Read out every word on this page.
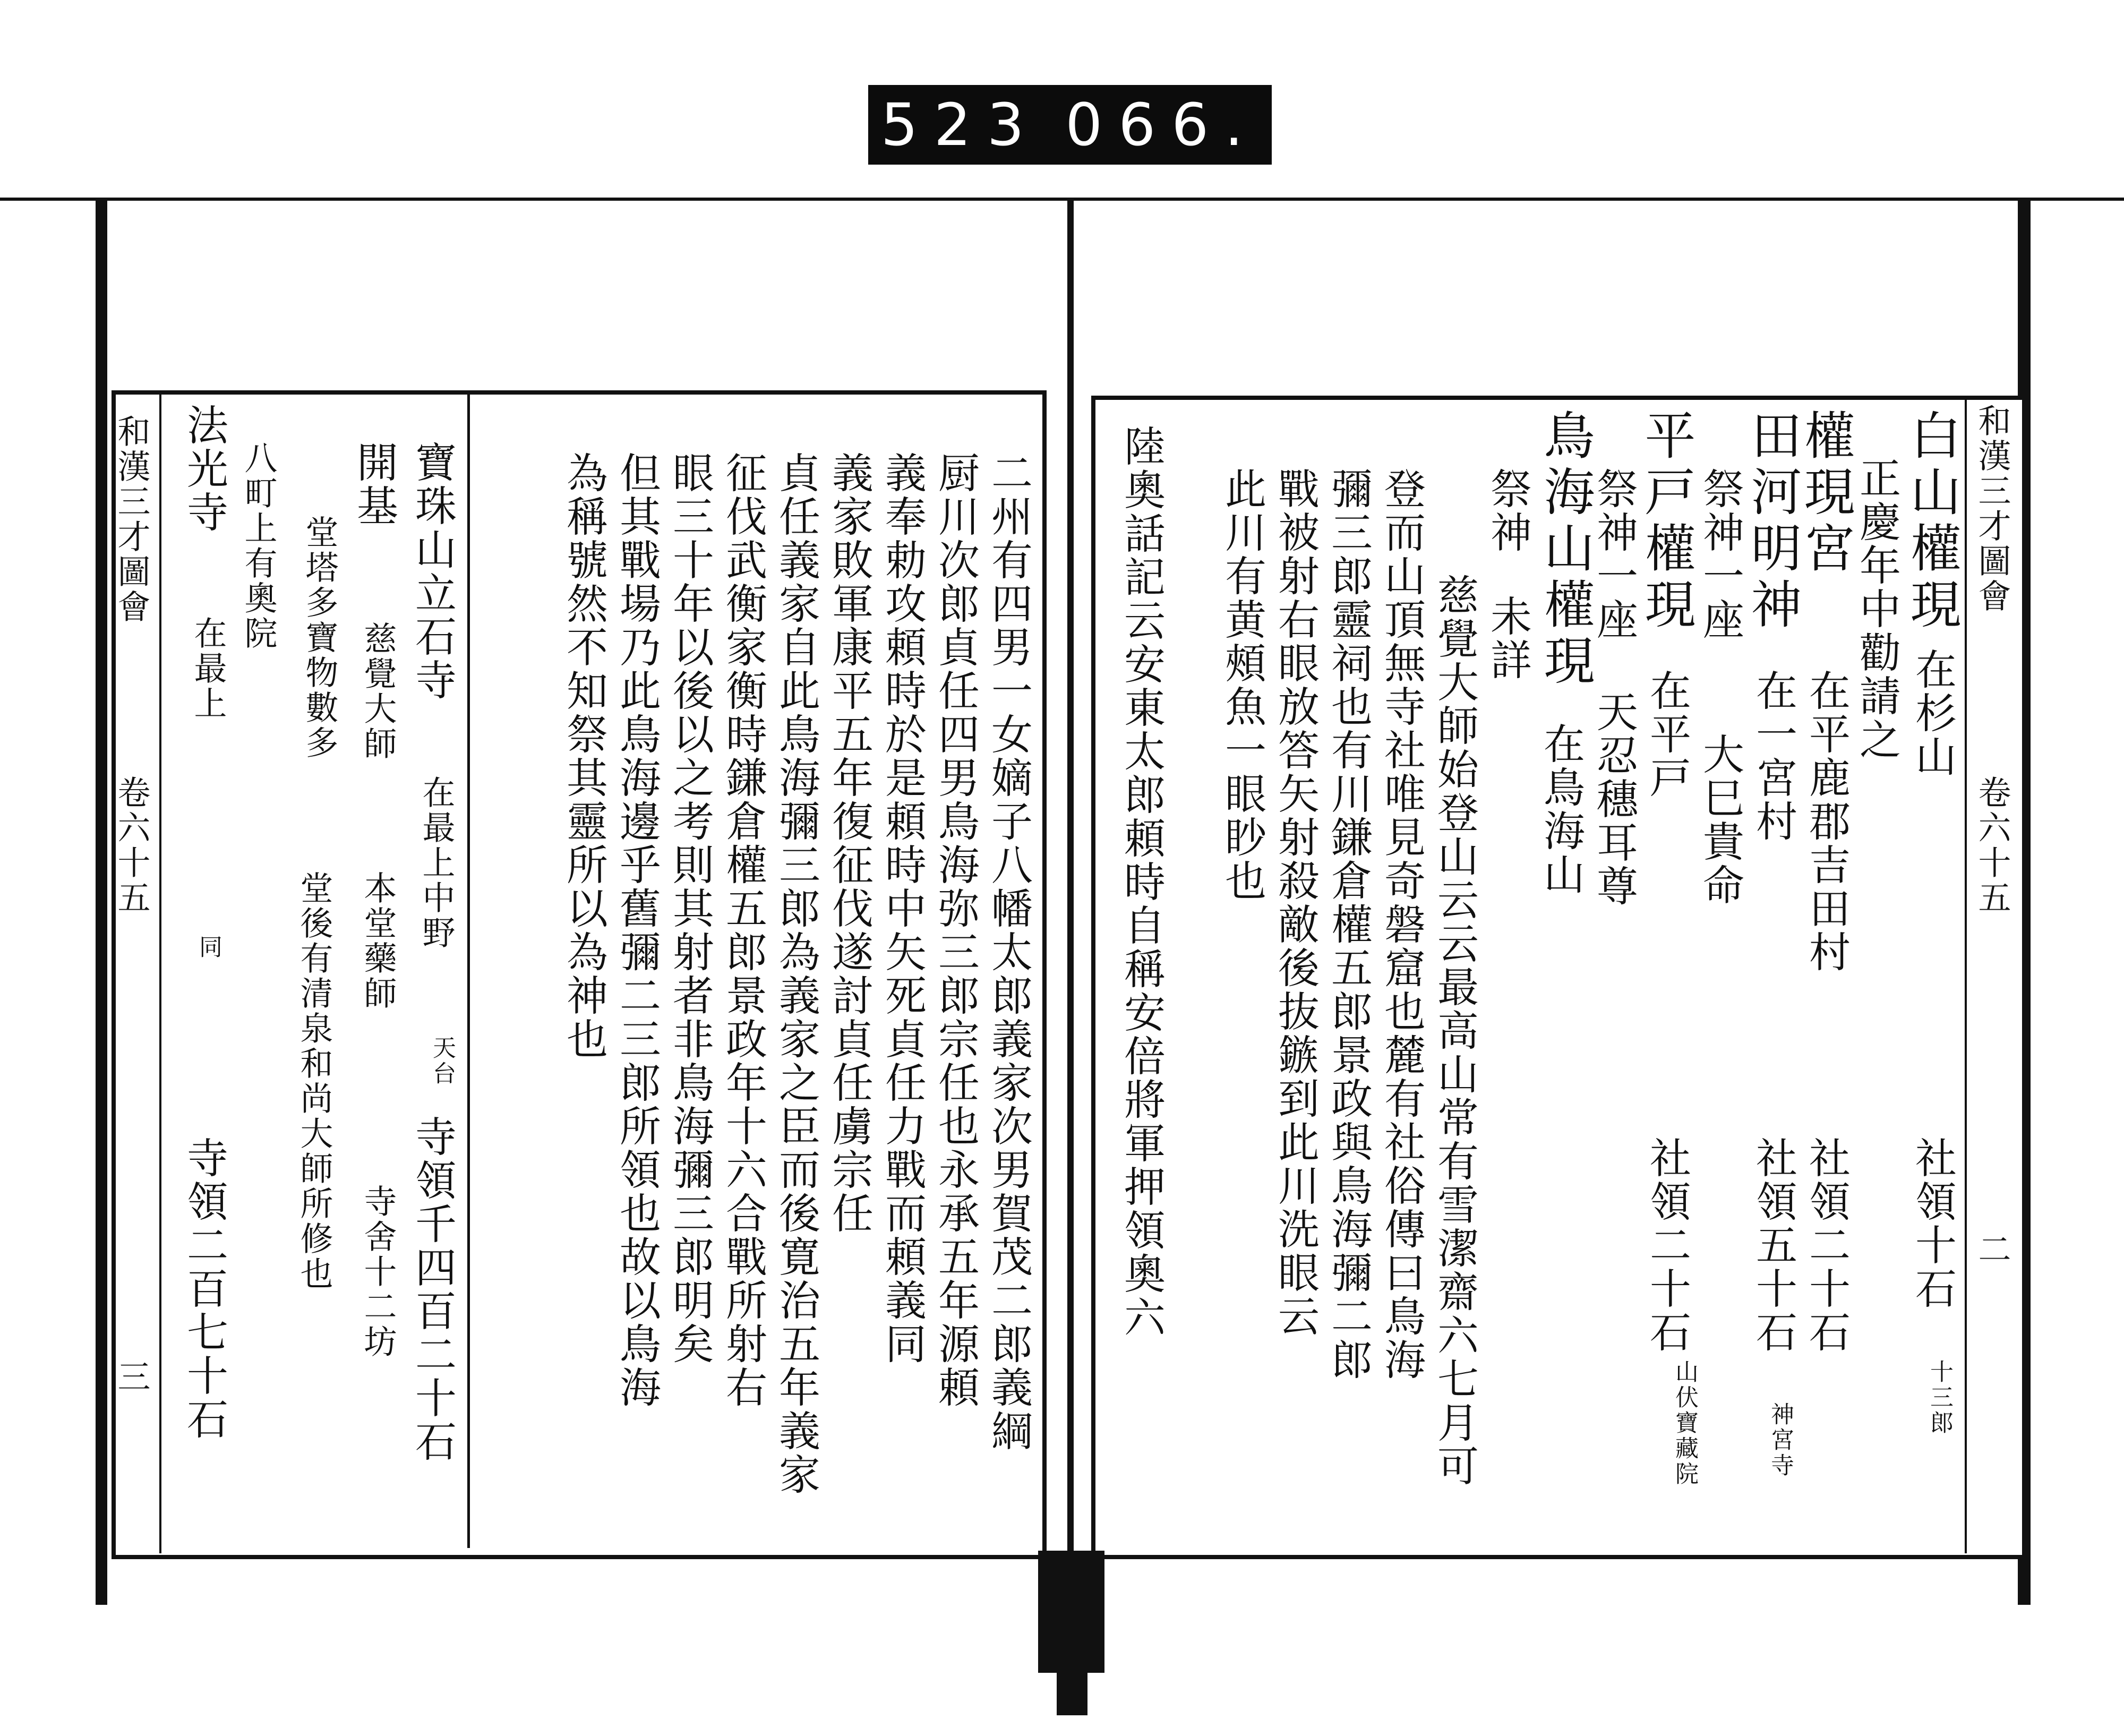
523 066.
和漢三才圖會
卷六十五
三	二州有四男一女嫡子八幡太郎義家次男賀茂二郎義綱
厨川次郎貞任四男鳥海弥三郎宗任也永承五年源頼
義奉勅攻頼時於是頼時中矢死貞任力戰而頼義同
義家敗軍康平五年復征伐遂討貞任虜宗任
貞任義家自此鳥海彌三郎為義家之臣而後寛治五年義家
征伐武衡家衡時鎌倉權五郎景政年十六合戰所射右
眼三十年以後以之考則其射者非鳥海彌三郎明矣
但其戰場乃此鳥海邊乎舊彌二三郎所領也故以鳥海
為稱號然不知祭其靈所以為神也
寶珠山立石寺
天台
在最上中野
寺領千四百二十石
開基
慈覺大師
本堂藥師
寺舍十二坊
堂塔多寶物數多
堂後有清泉和尚大師所修也
法光寺
在最上
同
寺領二百七十石
八町上有奧院	和漢三才圖會
卷六十五
二
白山權現
在杉山
社領十石
十三郎
正慶年中勸請之
權現宮
在平鹿郡吉田村
社領二十石
田河明神
在一宮村
社領五十石
神宮寺
祭神一座
大巳貴命
平戸權現
在平戸
社領二十石
山伏寶藏院
祭神一座
天忍穗耳尊
鳥海山權現
在鳥海山
祭神
未詳
慈覺大師始登山云云最高山常有雪潔齋六七月可
登而山頂無寺社唯見奇磐窟也麓有社俗傳曰鳥海
彌三郎靈祠也有川鎌倉權五郎景政與鳥海彌二郎
戰被射右眼放答矢射殺敵後抜鏃到此川洗眼云
此川有黄頰魚一眼眇也
陸奧話記云安東太郎頼時自稱安倍將軍押領奧六
